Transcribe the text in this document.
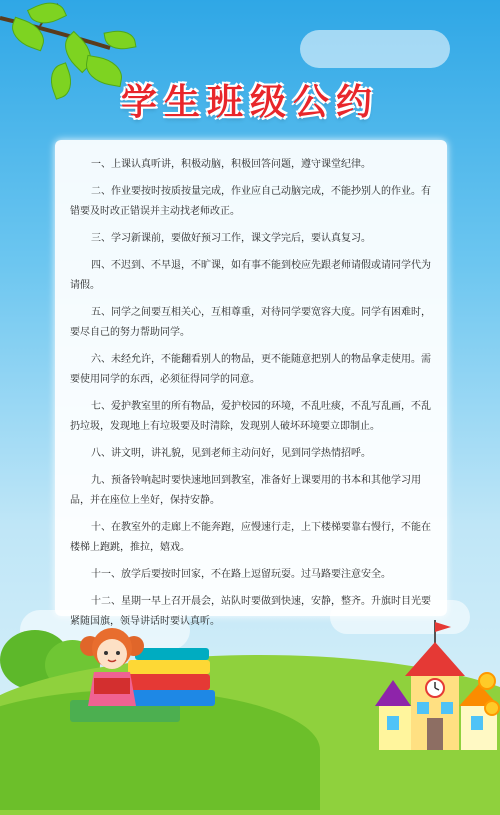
学生班级公约

一、上课认真听讲，积极动脑，积极回答问题，遵守课堂纪律。

二、作业要按时按质按量完成，作业应自己动脑完成，不能抄别人的作业。有错要及时改正错误并主动找老师改正。

三、学习新课前，要做好预习工作，课文学完后，要认真复习。

四、不迟到、不早退，不旷课，如有事不能到校应先跟老师请假或请同学代为请假。

五、同学之间要互相关心，互相尊重，对待同学要宽容大度。同学有困难时，要尽自己的努力帮助同学。

六、未经允许，不能翻看别人的物品，更不能随意把别人的物品拿走使用。需要使用同学的东西，必须征得同学的同意。

七、爱护教室里的所有物品，爱护校园的环境，不乱吐痰，不乱写乱画，不乱扔垃圾，发现地上有垃圾要及时清除，发现别人破坏环境要立即制止。

八、讲文明，讲礼貌，见到老师主动问好，见到同学热情招呼。

九、预备铃响起时要快速地回到教室，准备好上课要用的书本和其他学习用品，并在座位上坐好，保持安静。

十、在教室外的走廊上不能奔跑，应慢速行走，上下楼梯要靠右慢行，不能在楼梯上跑跳，推拉，嬉戏。

十一、放学后要按时回家，不在路上逗留玩耍。过马路要注意安全。

十二、星期一早上召开晨会，站队时要做到快速，安静，整齐。升旗时目光要紧随国旗，领导讲话时要认真听。
